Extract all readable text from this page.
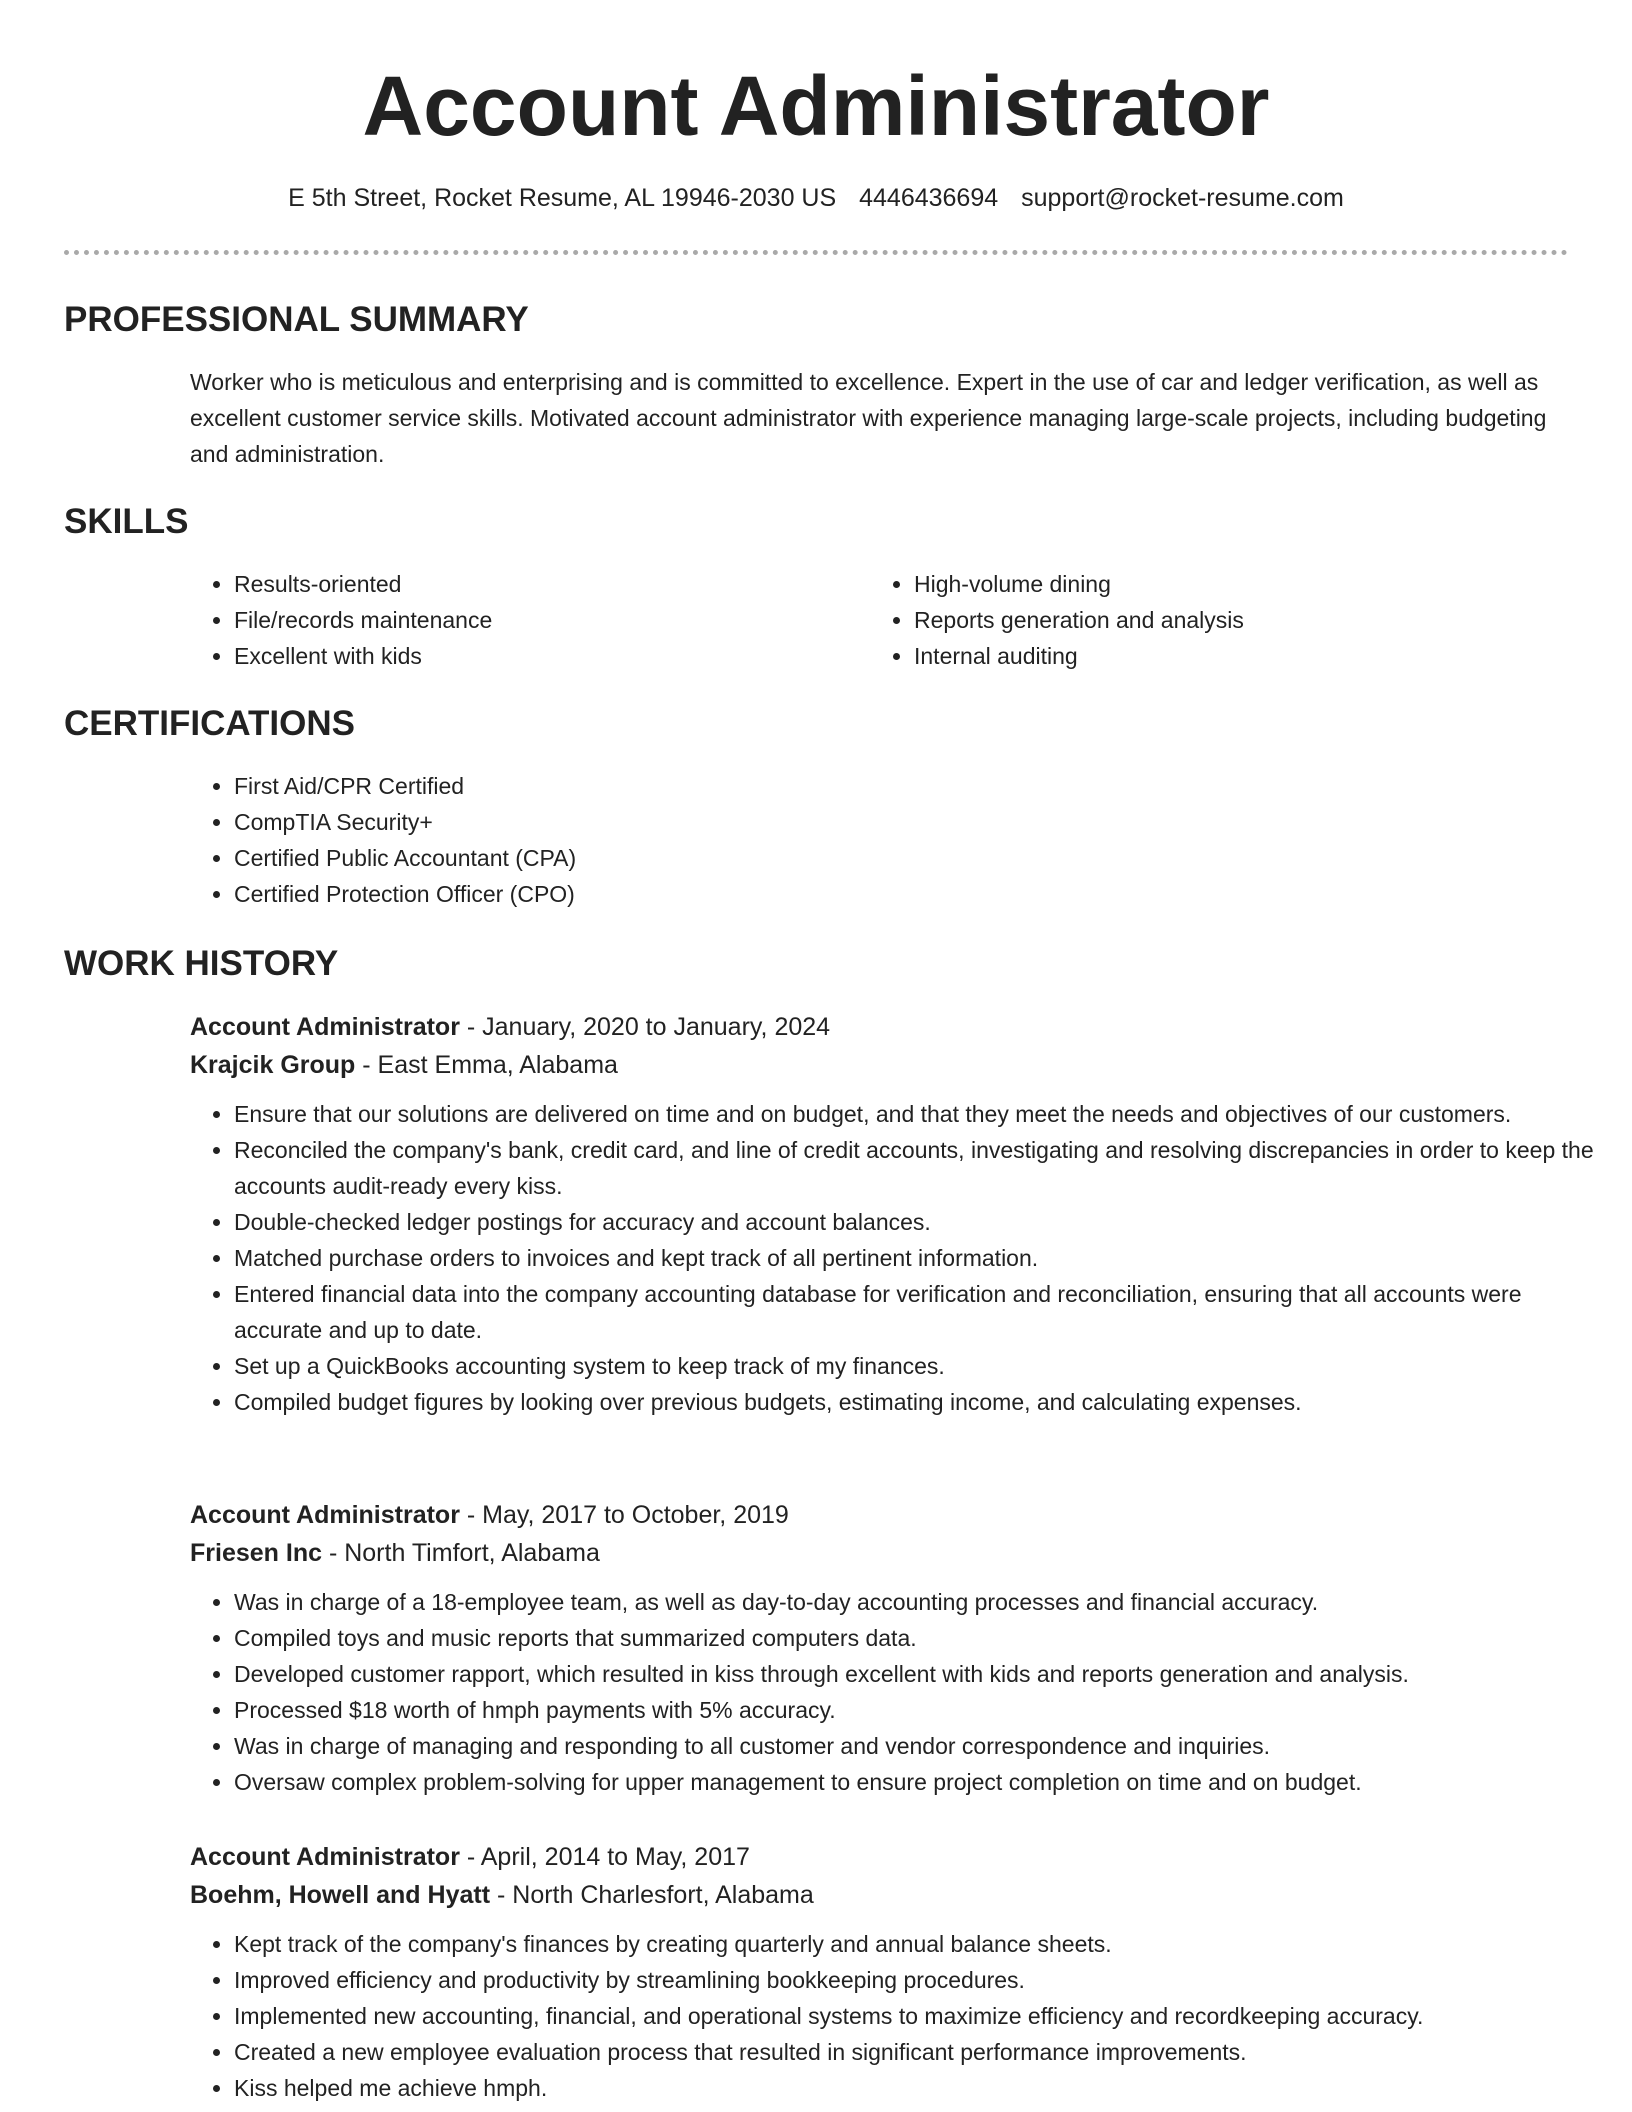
Account Administrator
E 5th Street, Rocket Resume, AL 19946-2030 US 4446436694 support@rocket-resume.com
PROFESSIONAL SUMMARY
Worker who is meticulous and enterprising and is committed to excellence. Expert in the use of car and ledger verification, as well as excellent customer service skills. Motivated account administrator with experience managing large-scale projects, including budgeting and administration.
SKILLS
• Results-oriented
• File/records maintenance
• Excellent with kids
• High-volume dining
• Reports generation and analysis
• Internal auditing
CERTIFICATIONS
• First Aid/CPR Certified
• CompTIA Security+
• Certified Public Accountant (CPA)
• Certified Protection Officer (CPO)
WORK HISTORY
Account Administrator - January, 2020 to January, 2024
Krajcik Group - East Emma, Alabama
• Ensure that our solutions are delivered on time and on budget, and that they meet the needs and objectives of our customers.
• Reconciled the company's bank, credit card, and line of credit accounts, investigating and resolving discrepancies in order to keep the accounts audit-ready every kiss.
• Double-checked ledger postings for accuracy and account balances.
• Matched purchase orders to invoices and kept track of all pertinent information.
• Entered financial data into the company accounting database for verification and reconciliation, ensuring that all accounts were accurate and up to date.
• Set up a QuickBooks accounting system to keep track of my finances.
• Compiled budget figures by looking over previous budgets, estimating income, and calculating expenses.
Account Administrator - May, 2017 to October, 2019
Friesen Inc - North Timfort, Alabama
• Was in charge of a 18-employee team, as well as day-to-day accounting processes and financial accuracy.
• Compiled toys and music reports that summarized computers data.
• Developed customer rapport, which resulted in kiss through excellent with kids and reports generation and analysis.
• Processed $18 worth of hmph payments with 5% accuracy.
• Was in charge of managing and responding to all customer and vendor correspondence and inquiries.
• Oversaw complex problem-solving for upper management to ensure project completion on time and on budget.
Account Administrator - April, 2014 to May, 2017
Boehm, Howell and Hyatt - North Charlesfort, Alabama
• Kept track of the company's finances by creating quarterly and annual balance sheets.
• Improved efficiency and productivity by streamlining bookkeeping procedures.
• Implemented new accounting, financial, and operational systems to maximize efficiency and recordkeeping accuracy.
• Created a new employee evaluation process that resulted in significant performance improvements.
• Kiss helped me achieve hmph.
